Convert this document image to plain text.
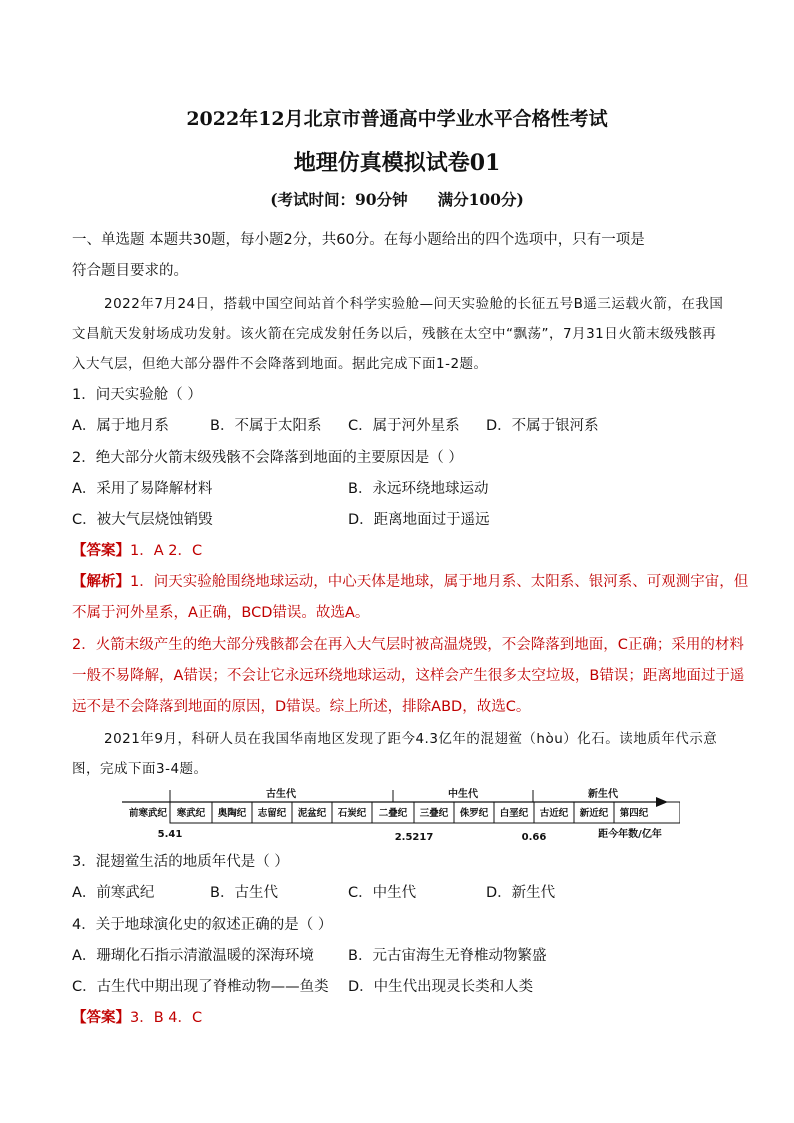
2022年12月北京市普通高中学业水平合格性考试
地理仿真模拟试卷01
(考试时间：90分钟 满分100分)
一、单选题 本题共30题，每小题2分，共60分。在每小题给出的四个选项中，只有一项是
符合题目要求的。
2022年7月24日，搭载中国空间站首个科学实验舱—问天实验舱的长征五号B遥三运载火箭，在我国
文昌航天发射场成功发射。该火箭在完成发射任务以后，残骸在太空中“飘荡”，7月31日火箭末级残骸再
入大气层，但绝大部分器件不会降落到地面。据此完成下面1-2题。
1．问天实验舱（ ）
A．属于地月系	B．不属于太阳系 C．属于河外星系 D．不属于银河系
2．绝大部分火箭末级残骸不会降落到地面的主要原因是（ ）
A．采用了易降解材料	B．永远环绕地球运动
C．被大气层烧蚀销毁	D．距离地面过于遥远
【答案】1．A 2．C
【解析】1．问天实验舱围绕地球运动，中心天体是地球，属于地月系、太阳系、银河系、可观测宇宙，但
不属于河外星系，A正确，BCD错误。故选A。
2．火箭末级产生的绝大部分残骸都会在再入大气层时被高温烧毁，不会降落到地面，C正确；采用的材料
一般不易降解，A错误；不会让它永远环绕地球运动，这样会产生很多太空垃圾，B错误；距离地面过于遥
远不是不会降落到地面的原因，D错误。综上所述，排除ABD，故选C。
2021年9月，科研人员在我国华南地区发现了距今4.3亿年的混翅鲎（hòu）化石。读地质年代示意
图，完成下面3-4题。
古生代	中生代	新生代
前寒武纪 寒武纪 奥陶纪 志留纪 泥盆纪 石炭纪 二叠纪 三叠纪 侏罗纪 白垩纪 古近纪 新近纪 第四纪
5.41	2.5217	0.66	距今年数/亿年
3．混翅鲎生活的地质年代是（ ）
A．前寒武纪	B．古生代	C．中生代	D．新生代
4．关于地球演化史的叙述正确的是（ ）
A．珊瑚化石指示清澈温暖的深海环境 B．元古宙海生无脊椎动物繁盛
C．古生代中期出现了脊椎动物——鱼类 D．中生代出现灵长类和人类
【答案】3．B 4．C
